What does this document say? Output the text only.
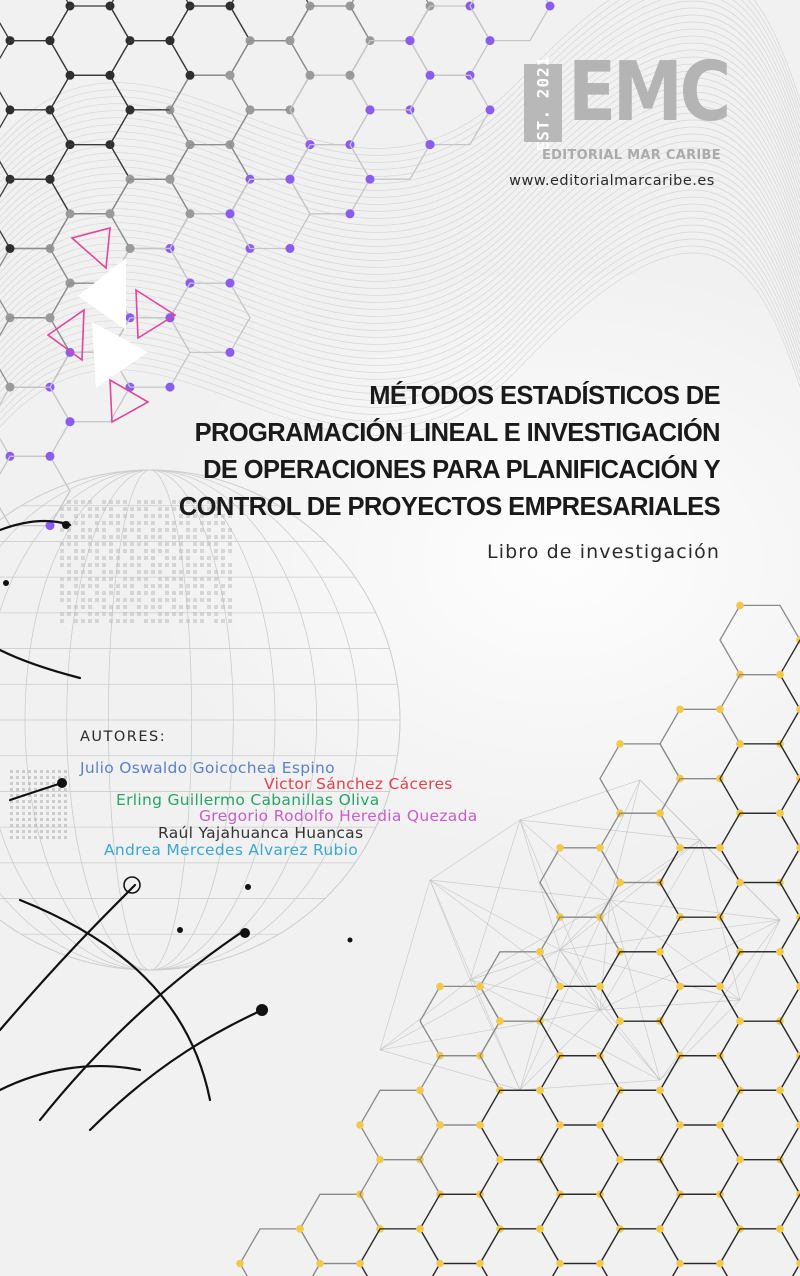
EST. 2021 EMC
EDITORIAL MAR CARIBE
www.editorialmarcaribe.es
MÉTODOS ESTADÍSTICOS DE
PROGRAMACIÓN LINEAL E INVESTIGACIÓN
DE OPERACIONES PARA PLANIFICACIÓN Y
CONTROL DE PROYECTOS EMPRESARIALES
Libro de investigación
AUTORES:
Julio Oswaldo Goicochea Espino
Victor Sánchez Cáceres
Erling Guillermo Cabanillas Oliva
Gregorio Rodolfo Heredia Quezada
Raúl Yajahuanca Huancas
Andrea Mercedes Alvarez Rubio
